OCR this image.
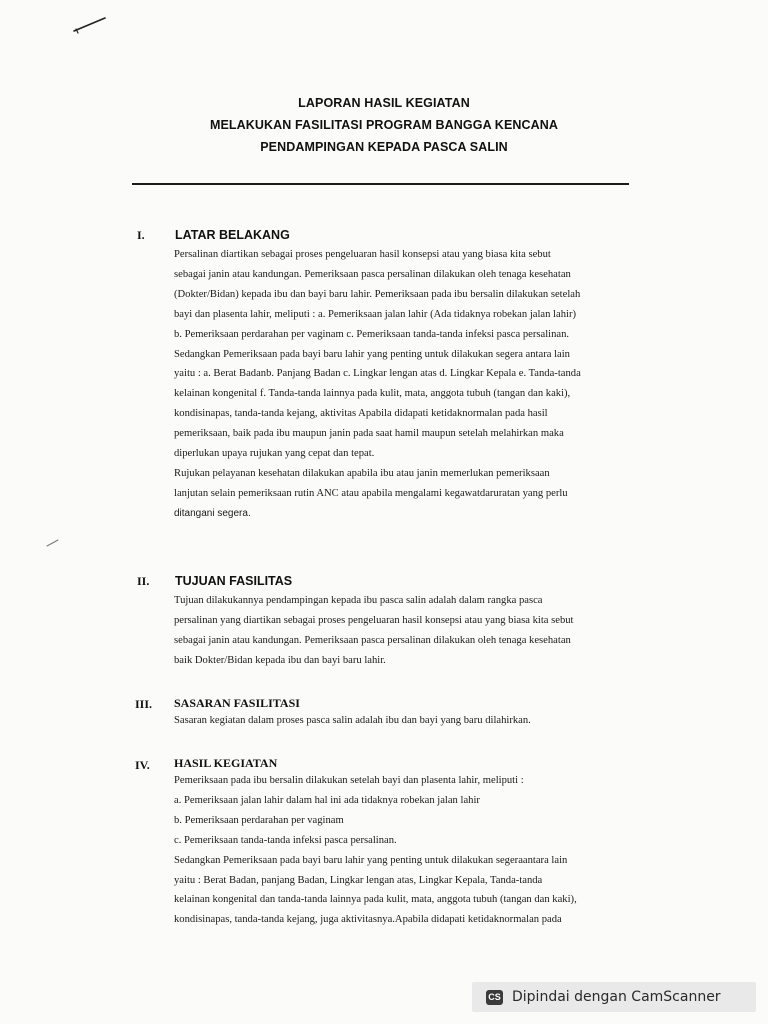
LAPORAN HASIL KEGIATAN
MELAKUKAN FASILITASI PROGRAM BANGGA KENCANA
PENDAMPINGAN KEPADA PASCA SALIN
I. LATAR BELAKANG
Persalinan diartikan sebagai proses pengeluaran hasil konsepsi atau yang biasa kita sebut
sebagai janin atau kandungan. Pemeriksaan pasca persalinan dilakukan oleh tenaga kesehatan
(Dokter/Bidan) kepada ibu dan bayi baru lahir. Pemeriksaan pada ibu bersalin dilakukan setelah
bayi dan plasenta lahir, meliputi : a. Pemeriksaan jalan lahir (Ada tidaknya robekan jalan lahir)
b. Pemeriksaan perdarahan per vaginam c. Pemeriksaan tanda-tanda infeksi pasca persalinan.
Sedangkan Pemeriksaan pada bayi baru lahir yang penting untuk dilakukan segera antara lain
yaitu : a. Berat Badanb. Panjang Badan c. Lingkar lengan atas d. Lingkar Kepala e. Tanda-tanda
kelainan kongenital f. Tanda-tanda lainnya pada kulit, mata, anggota tubuh (tangan dan kaki),
kondisinapas, tanda-tanda kejang, aktivitas Apabila didapati ketidaknormalan pada hasil
pemeriksaan, baik pada ibu maupun janin pada saat hamil maupun setelah melahirkan maka
diperlukan upaya rujukan yang cepat dan tepat.
Rujukan pelayanan kesehatan dilakukan apabila ibu atau janin memerlukan pemeriksaan
lanjutan selain pemeriksaan rutin ANC atau apabila mengalami kegawatdaruratan yang perlu
ditangani segera.
II. TUJUAN FASILITAS
Tujuan dilakukannya pendampingan kepada ibu pasca salin adalah dalam rangka pasca
persalinan yang diartikan sebagai proses pengeluaran hasil konsepsi atau yang biasa kita sebut
sebagai janin atau kandungan. Pemeriksaan pasca persalinan dilakukan oleh tenaga kesehatan
baik Dokter/Bidan kepada ibu dan bayi baru lahir.
III. SASARAN FASILITASI
Sasaran kegiatan dalam proses pasca salin adalah ibu dan bayi yang baru dilahirkan.
IV. HASIL KEGIATAN
Pemeriksaan pada ibu bersalin dilakukan setelah bayi dan plasenta lahir, meliputi :
a. Pemeriksaan jalan lahir dalam hal ini ada tidaknya robekan jalan lahir
b. Pemeriksaan perdarahan per vaginam
c. Pemeriksaan tanda-tanda infeksi pasca persalinan.
Sedangkan Pemeriksaan pada bayi baru lahir yang penting untuk dilakukan segeraantara lain
yaitu : Berat Badan, panjang Badan, Lingkar lengan atas, Lingkar Kepala, Tanda-tanda
kelainan kongenital dan tanda-tanda lainnya pada kulit, mata, anggota tubuh (tangan dan kaki),
kondisinapas, tanda-tanda kejang, juga aktivitasnya.Apabila didapati ketidaknormalan pada
CS Dipindai dengan CamScanner
